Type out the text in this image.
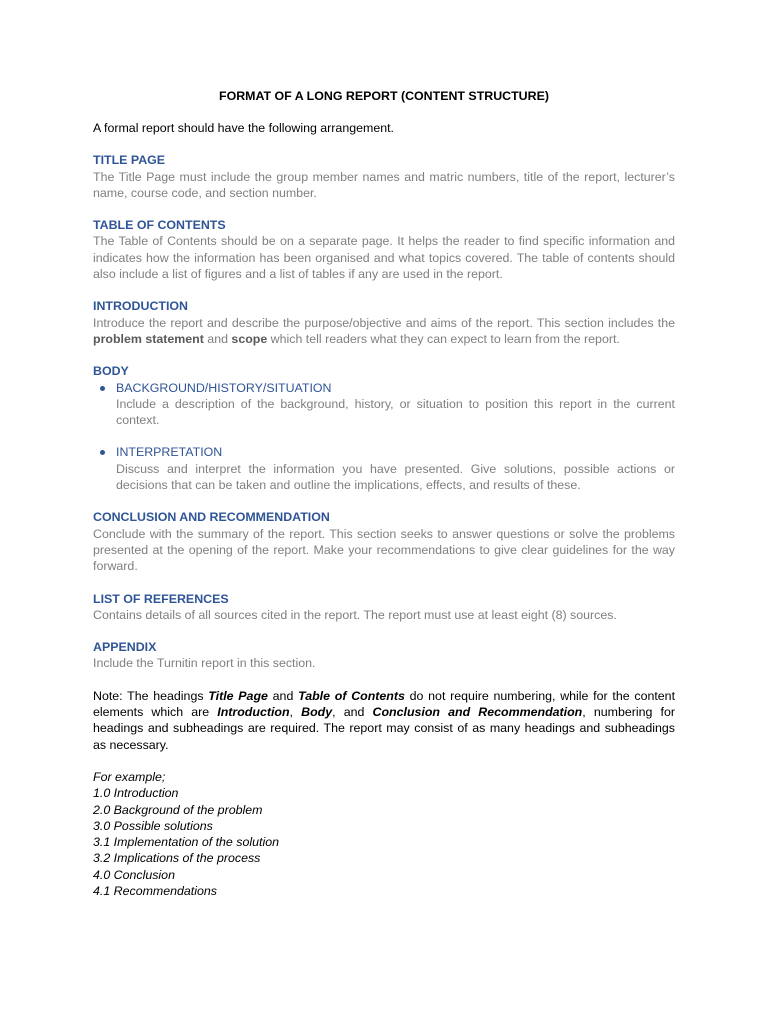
FORMAT OF A LONG REPORT (CONTENT STRUCTURE)

A formal report should have the following arrangement.

TITLE PAGE

The Title Page must include the group member names and matric numbers, title of the report, lecturer’s name, course code, and section number.

TABLE OF CONTENTS

The Table of Contents should be on a separate page. It helps the reader to find specific information and indicates how the information has been organised and what topics covered. The table of contents should also include a list of figures and a list of tables if any are used in the report.

INTRODUCTION

Introduce the report and describe the purpose/objective and aims of the report. This section includes the problem statement and scope which tell readers what they can expect to learn from the report.

BODY

BACKGROUND/HISTORY/SITUATION

Include a description of the background, history, or situation to position this report in the current context.

INTERPRETATION

Discuss and interpret the information you have presented. Give solutions, possible actions or decisions that can be taken and outline the implications, effects, and results of these.

CONCLUSION AND RECOMMENDATION

Conclude with the summary of the report. This section seeks to answer questions or solve the problems presented at the opening of the report. Make your recommendations to give clear guidelines for the way forward.

LIST OF REFERENCES

Contains details of all sources cited in the report. The report must use at least eight (8) sources.

APPENDIX

Include the Turnitin report in this section.

Note: The headings Title Page and Table of Contents do not require numbering, while for the content elements which are Introduction, Body, and Conclusion and Recommendation, numbering for headings and subheadings are required. The report may consist of as many headings and subheadings as necessary.

For example;
1.0 Introduction
2.0 Background of the problem
3.0 Possible solutions
3.1 Implementation of the solution
3.2 Implications of the process
4.0 Conclusion
4.1 Recommendations
